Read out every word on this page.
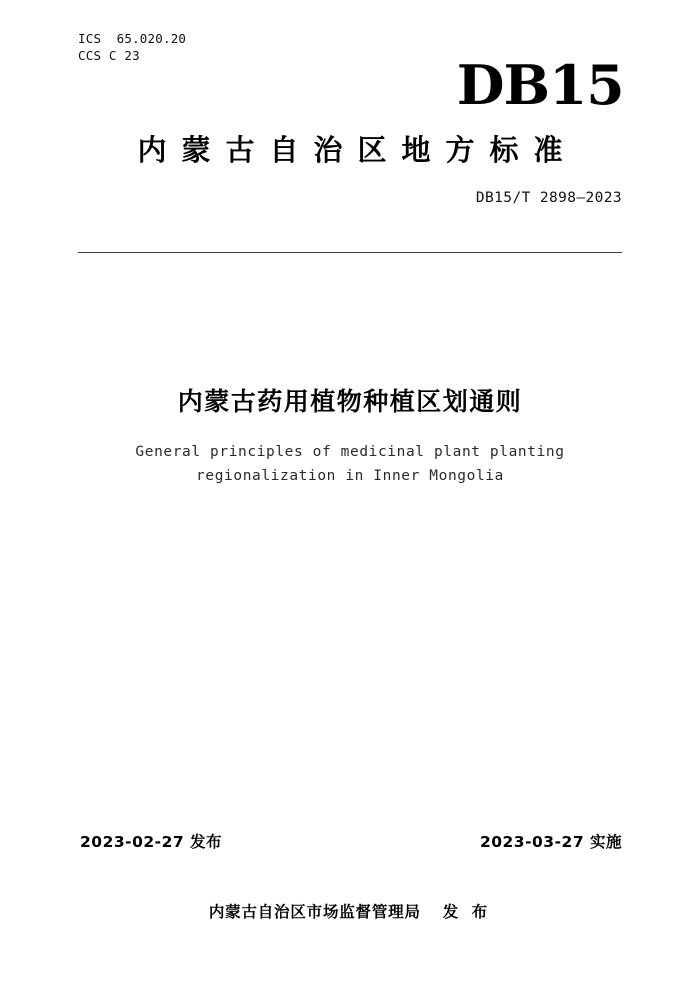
ICS  65.020.20
CCS C 23	DB15
内蒙古自治区地方标准
DB15/T 2898—2023
内蒙古药用植物种植区划通则
General principles of medicinal plant planting regionalization in Inner Mongolia
2023-02-27 发布	2023-03-27 实施
内蒙古自治区市场监督管理局 发 布
